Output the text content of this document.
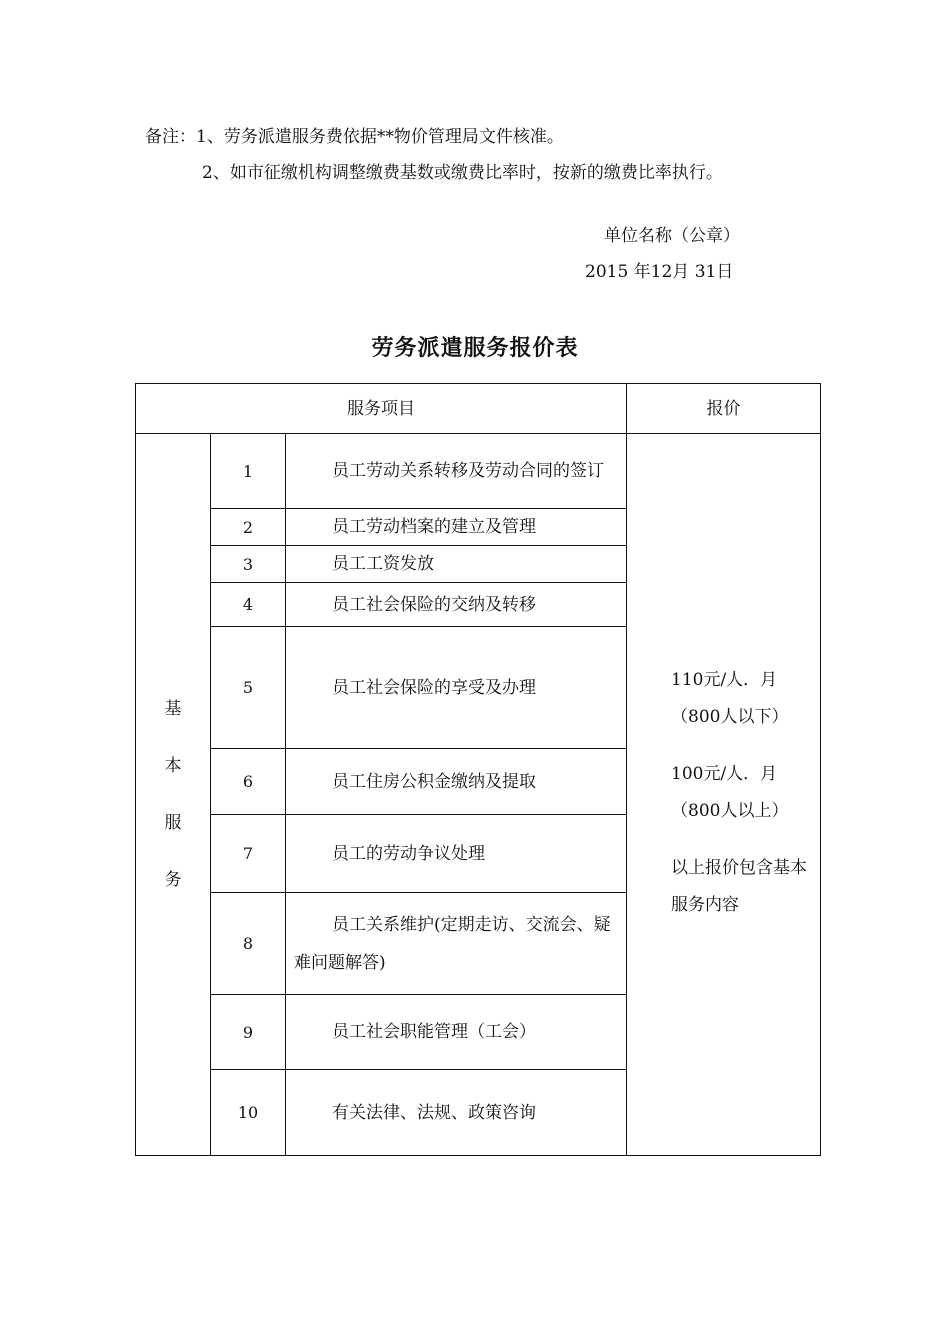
备注：1、劳务派遣服务费依据**物价管理局文件核准。
2、如市征缴机构调整缴费基数或缴费比率时，按新的缴费比率执行。
单位名称（公章）
2015 年12月 31日
劳务派遣服务报价表
服务项目			报价

基
本
服
务	1	员工劳动关系转移及劳动合同的签订	110元/人．月
（800人以下）
100元/人．月
（800人以上）
以上报价包含基本服务内容

	2	员工劳动档案的建立及管理	
	3	员工工资发放	
	4	员工社会保险的交纳及转移	
	5	员工社会保险的享受及办理	
	6	员工住房公积金缴纳及提取	
	7	员工的劳动争议处理	
	8	员工关系维护(定期走访、交流会、疑难问题解答)	
	9	员工社会职能管理（工会）	
	10	有关法律、法规、政策咨询	
